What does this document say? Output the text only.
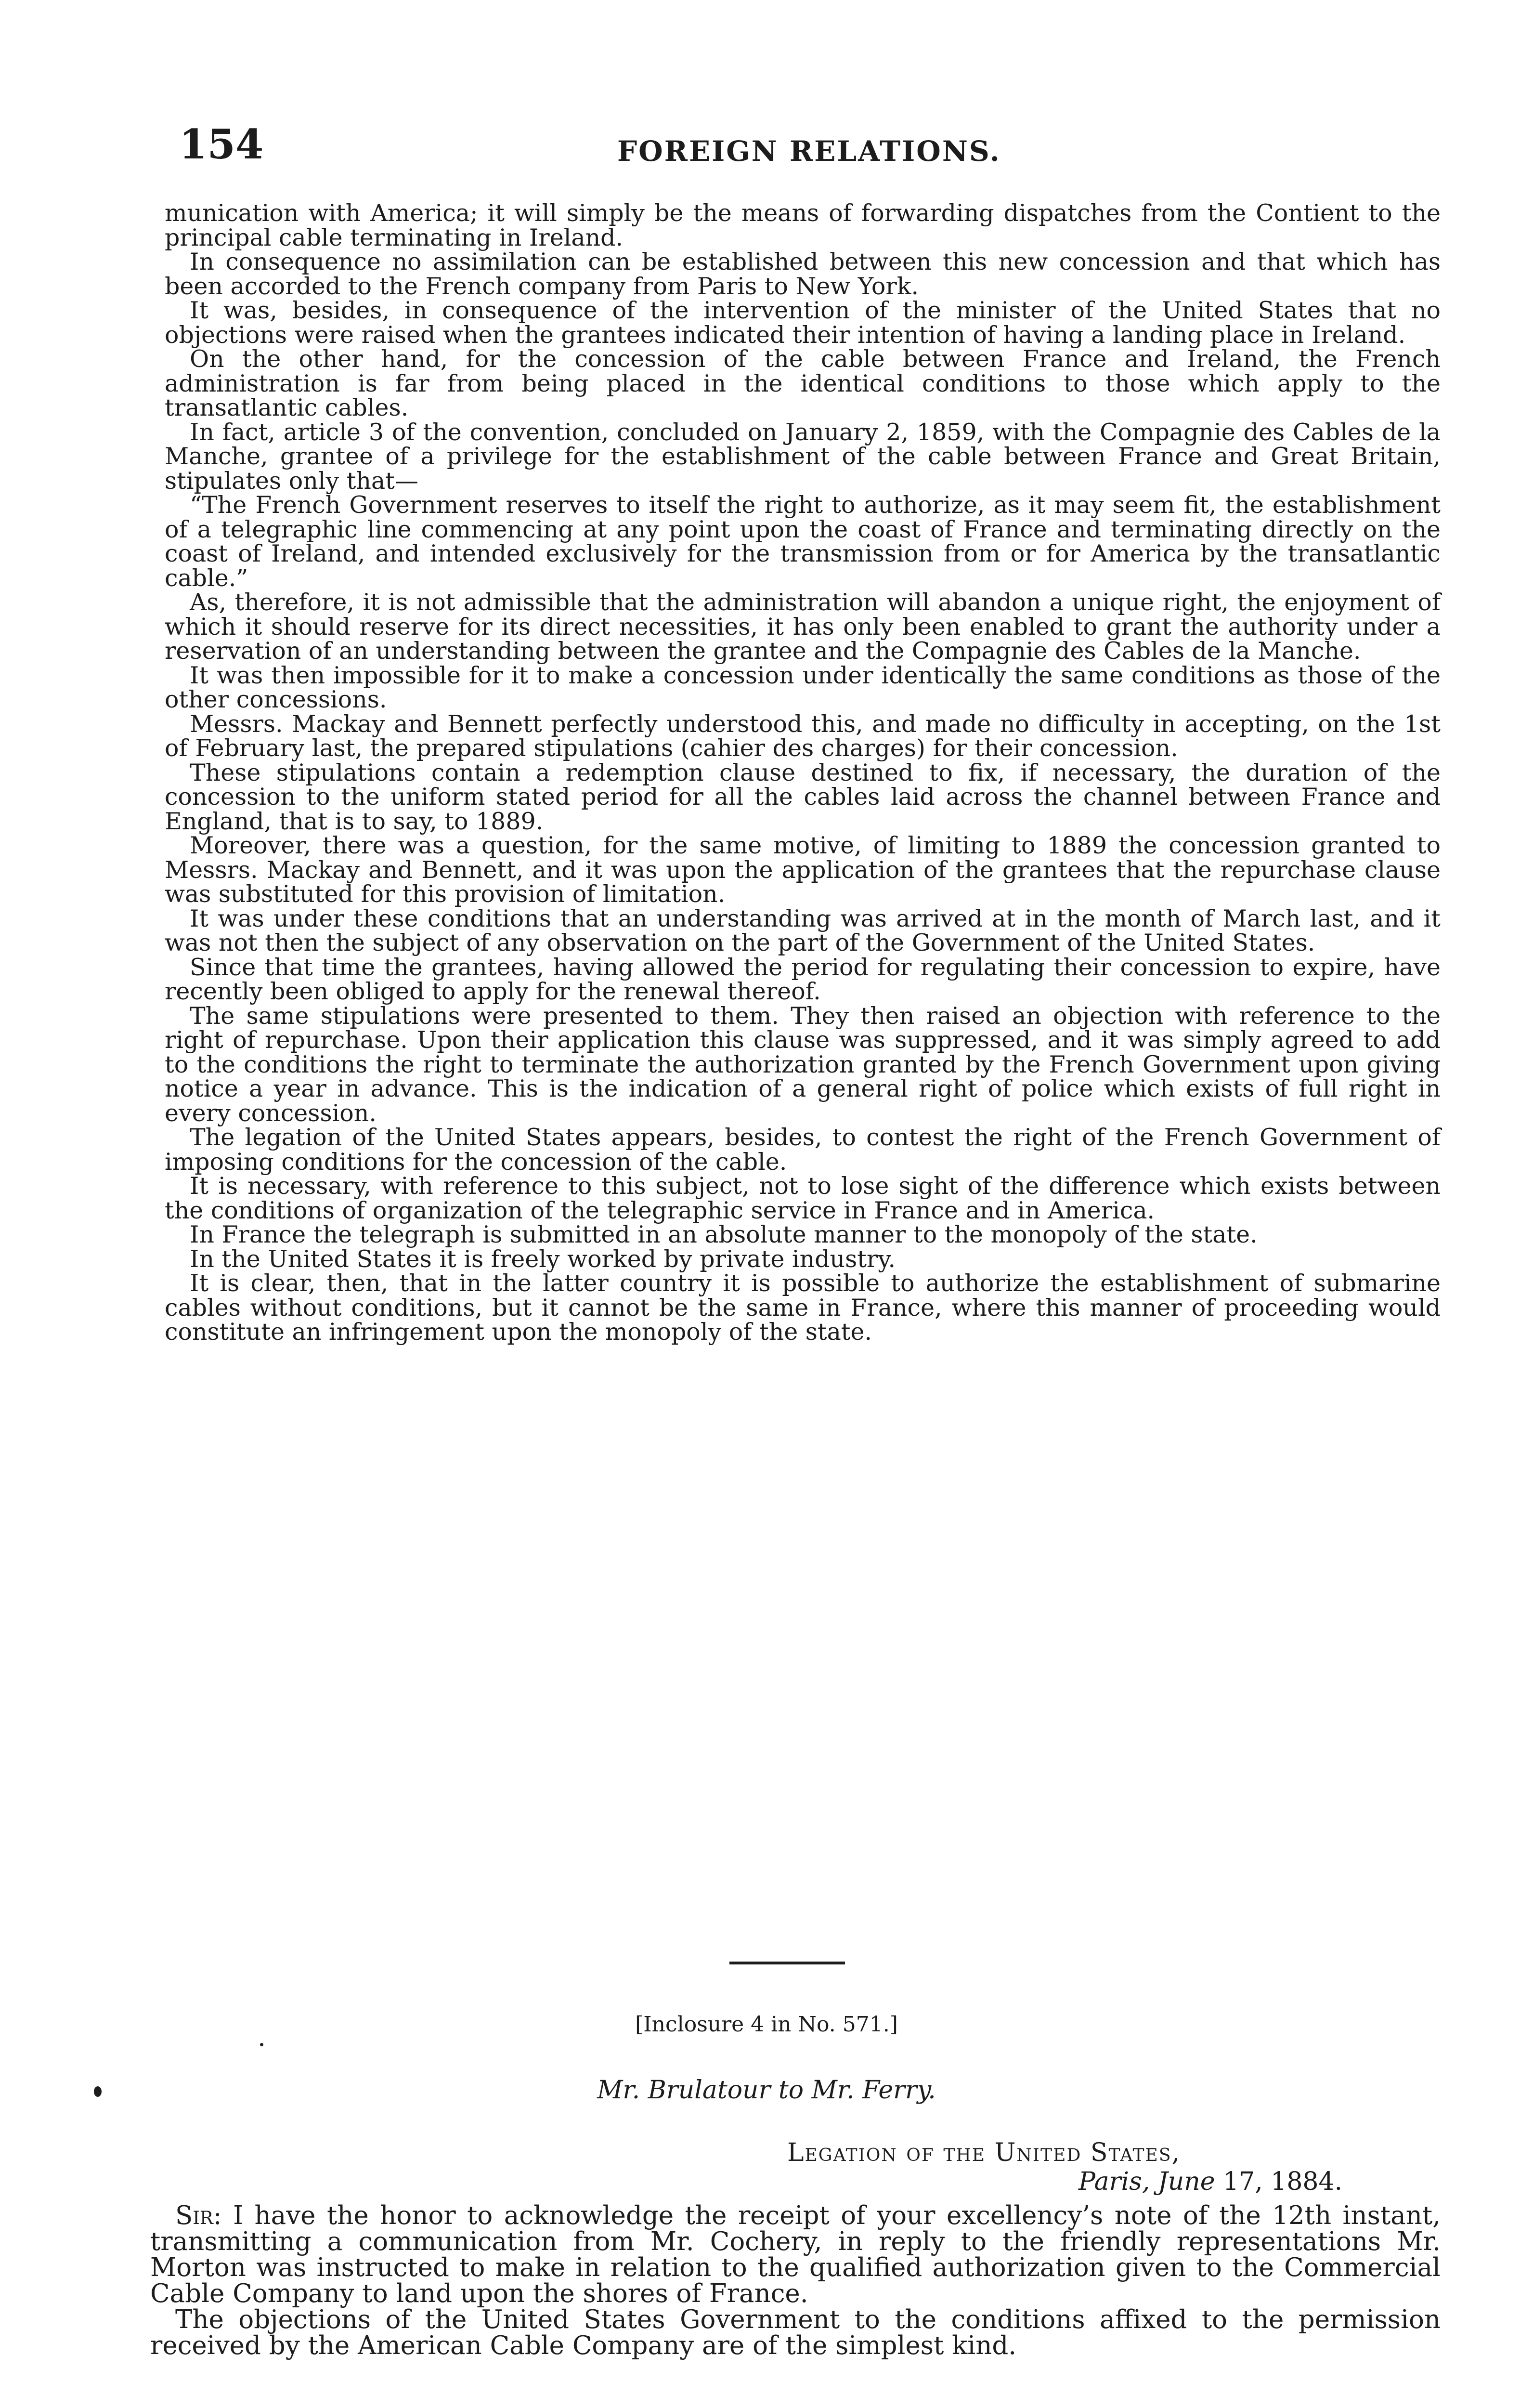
154	FOREIGN RELATIONS.

munication with America; it will simply be the means of forwarding dispatches from the Contient to the principal cable terminating in Ireland.

In consequence no assimilation can be established between this new concession and that which has been accorded to the French company from Paris to New York.

It was, besides, in consequence of the intervention of the minister of the United States that no objections were raised when the grantees indicated their intention of having a landing place in Ireland.

On the other hand, for the concession of the cable between France and Ireland, the French administration is far from being placed in the identical conditions to those which apply to the transatlantic cables.

In fact, article 3 of the convention, concluded on January 2, 1859, with the Compagnie des Cables de la Manche, grantee of a privilege for the establishment of the cable between France and Great Britain, stipulates only that—

“The French Government reserves to itself the right to authorize, as it may seem fit, the establishment of a telegraphic line commencing at any point upon the coast of France and terminating directly on the coast of Ireland, and intended exclusively for the transmission from or for America by the transatlantic cable.”

As, therefore, it is not admissible that the administration will abandon a unique right, the enjoyment of which it should reserve for its direct necessities, it has only been enabled to grant the authority under a reservation of an understanding between the grantee and the Compagnie des Cables de la Manche.

It was then impossible for it to make a concession under identically the same conditions as those of the other concessions.

Messrs. Mackay and Bennett perfectly understood this, and made no difficulty in accepting, on the 1st of February last, the prepared stipulations (cahier des charges) for their concession.

These stipulations contain a redemption clause destined to fix, if necessary, the duration of the concession to the uniform stated period for all the cables laid across the channel between France and England, that is to say, to 1889.

Moreover, there was a question, for the same motive, of limiting to 1889 the concession granted to Messrs. Mackay and Bennett, and it was upon the application of the grantees that the repurchase clause was substituted for this provision of limitation.

It was under these conditions that an understanding was arrived at in the month of March last, and it was not then the subject of any observation on the part of the Government of the United States.

Since that time the grantees, having allowed the period for regulating their concession to expire, have recently been obliged to apply for the renewal thereof.

The same stipulations were presented to them. They then raised an objection with reference to the right of repurchase. Upon their application this clause was suppressed, and it was simply agreed to add to the conditions the right to terminate the authorization granted by the French Government upon giving notice a year in advance. This is the indication of a general right of police which exists of full right in every concession.

The legation of the United States appears, besides, to contest the right of the French Government of imposing conditions for the concession of the cable.

It is necessary, with reference to this subject, not to lose sight of the difference which exists between the conditions of organization of the telegraphic service in France and in America.

In France the telegraph is submitted in an absolute manner to the monopoly of the state.

In the United States it is freely worked by private industry.

It is clear, then, that in the latter country it is possible to authorize the establishment of submarine cables without conditions, but it cannot be the same in France, where this manner of proceeding would constitute an infringement upon the monopoly of the state.

[Inclosure 4 in No. 571.]
Mr. Brulatour to Mr. Ferry.
Legation of the United States,
Paris, June 17, 1884.

Sir: I have the honor to acknowledge the receipt of your excellency’s note of the 12th instant, transmitting a communication from Mr. Cochery, in reply to the friendly representations Mr. Morton was instructed to make in relation to the qualified authorization given to the Commercial Cable Company to land upon the shores of France.

The objections of the United States Government to the conditions affixed to the permission received by the American Cable Company are of the simplest kind.
